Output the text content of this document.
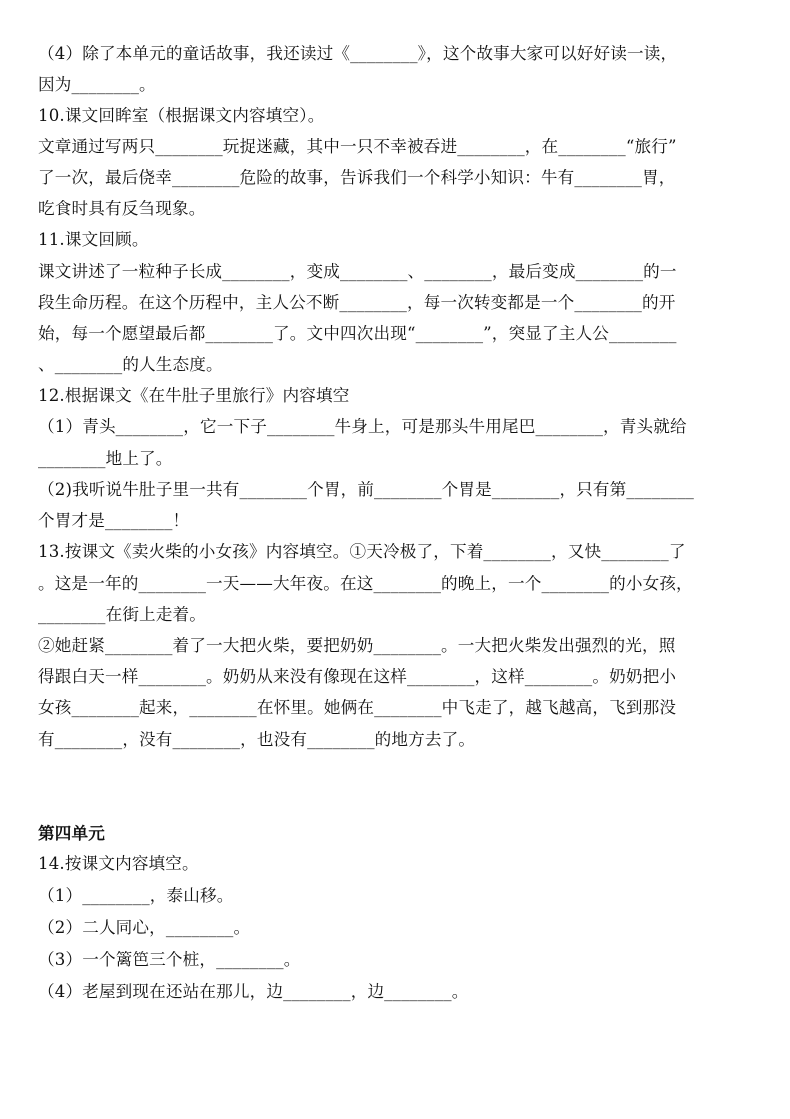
（4）除了本单元的童话故事，我还读过《________》，这个故事大家可以好好读一读，
因为________。
10.课文回眸室（根据课文内容填空）。
文章通过写两只________玩捉迷藏，其中一只不幸被吞进________，在________“旅行”
了一次，最后侥幸________危险的故事，告诉我们一个科学小知识：牛有________胃，
吃食时具有反刍现象。
11.课文回顾。
课文讲述了一粒种子长成________，变成________、________，最后变成________的一
段生命历程。在这个历程中，主人公不断________，每一次转变都是一个________的开
始，每一个愿望最后都________了。文中四次出现“________”，突显了主人公________
、________的人生态度。
12.根据课文《在牛肚子里旅行》内容填空
（1）青头________，它一下子________牛身上，可是那头牛用尾巴________，青头就给
________地上了。
（2)我听说牛肚子里一共有________个胃，前________个胃是________，只有第________
个胃才是________！
13.按课文《卖火柴的小女孩》内容填空。①天冷极了，下着________，又快________了
。这是一年的________一天——大年夜。在这________的晚上，一个________的小女孩，
________在街上走着。
②她赶紧________着了一大把火柴，要把奶奶________。一大把火柴发出强烈的光，照
得跟白天一样________。奶奶从来没有像现在这样________，这样________。奶奶把小
女孩________起来，________在怀里。她俩在________中飞走了，越飞越高，飞到那没
有________，没有________，也没有________的地方去了。
第四单元
14.按课文内容填空。
（1）________，泰山移。
（2）二人同心，________。
（3）一个篱笆三个桩，________。
（4）老屋到现在还站在那儿，边________，边________。
